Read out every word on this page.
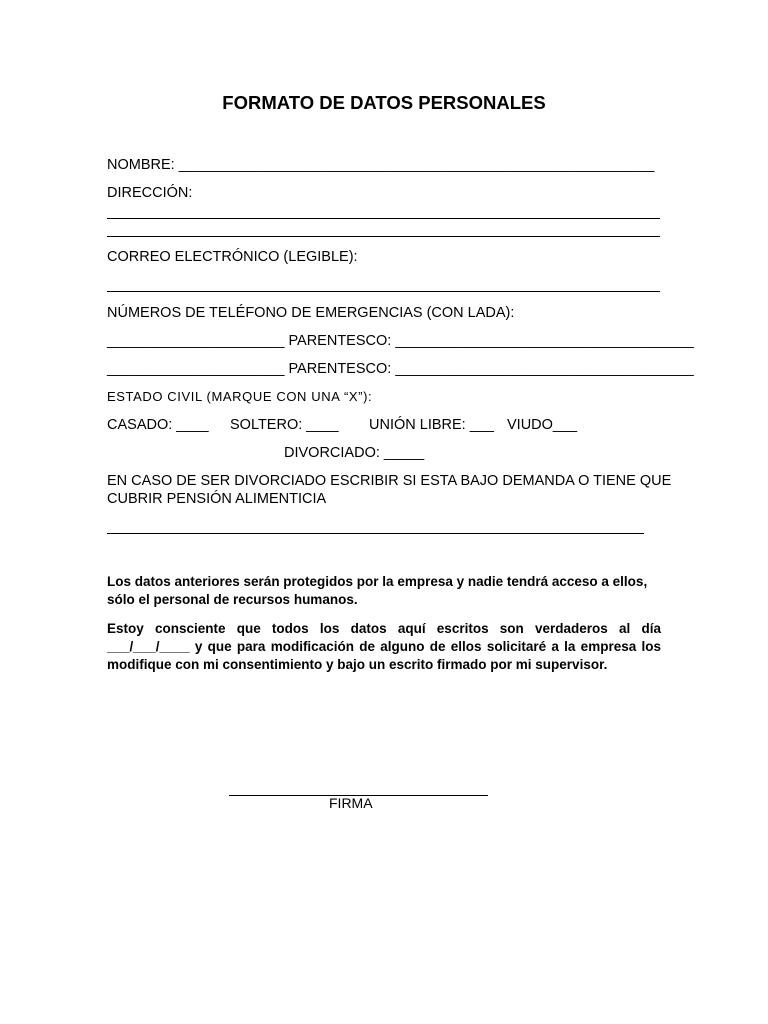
FORMATO DE DATOS PERSONALES
NOMBRE: ___________________________________________________________
DIRECCIÓN:
CORREO ELECTRÓNICO (LEGIBLE):
NÚMEROS DE TELÉFONO DE EMERGENCIAS (CON LADA):
______________________ PARENTESCO: _____________________________________
______________________ PARENTESCO: _____________________________________
ESTADO CIVIL (MARQUE CON UNA “X”):
CASADO: ____ SOLTERO: ____ UNIÓN LIBRE: ___ VIUDO___
DIVORCIADO: _____
EN CASO DE SER DIVORCIADO ESCRIBIR SI ESTA BAJO DEMANDA O TIENE QUE
CUBRIR PENSIÓN ALIMENTICIA
Los datos anteriores serán protegidos por la empresa y nadie tendrá acceso a ellos, sólo el personal de recursos humanos.
Estoy consciente que todos los datos aquí escritos son verdaderos al día ___/___/____ y que para modificación de alguno de ellos solicitaré a la empresa los modifique con mi consentimiento y bajo un escrito firmado por mi supervisor.
FIRMA
